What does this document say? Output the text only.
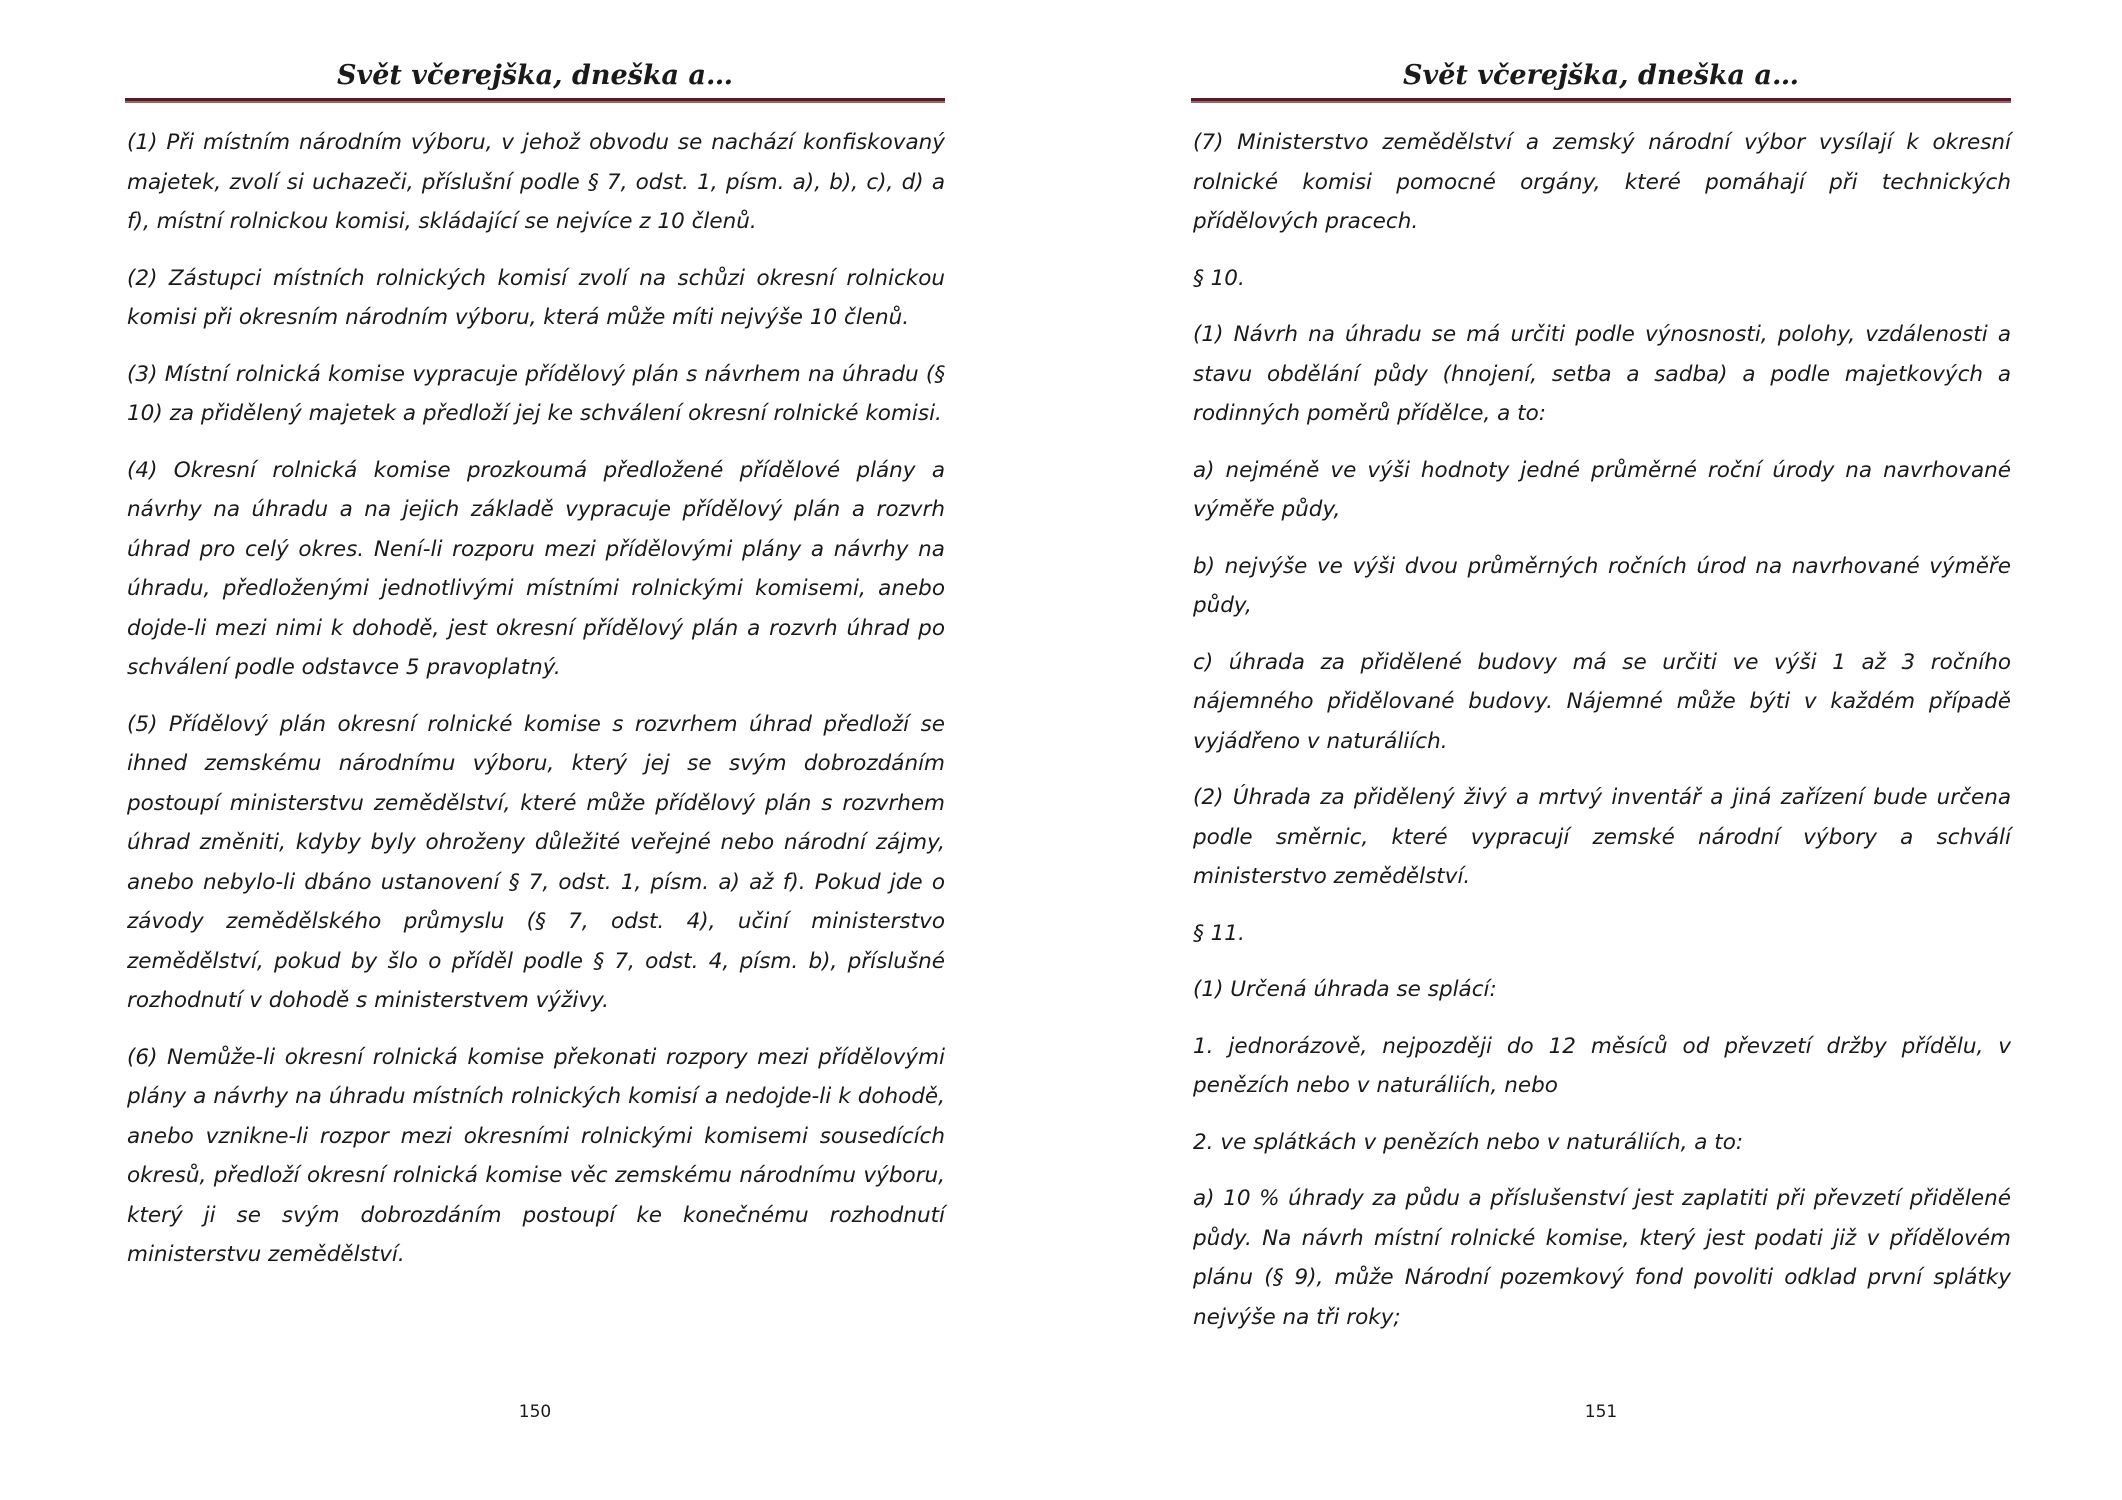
Svět včerejška, dneška a…

(1) Při místním národním výboru, v jehož obvodu se nachází konfiskovaný majetek, zvolí si uchazeči, příslušní podle § 7, odst. 1, písm. a), b), c), d) a f), místní rolnickou komisi, skládající se nejvíce z 10 členů.

(2) Zástupci místních rolnických komisí zvolí na schůzi okresní rolnickou komisi při okresním národním výboru, která může míti nejvýše 10 členů.

(3) Místní rolnická komise vypracuje přídělový plán s návrhem na úhradu (§ 10) za přidělený majetek a předloží jej ke schválení okresní rolnické komisi.

(4) Okresní rolnická komise prozkoumá předložené přídělové plány a návrhy na úhradu a na jejich základě vypracuje přídělový plán a rozvrh úhrad pro celý okres. Není-li rozporu mezi přídělovými plány a návrhy na úhradu, předloženými jednotlivými místními rolnickými komisemi, anebo dojde-li mezi nimi k dohodě, jest okresní přídělový plán a rozvrh úhrad po schválení podle odstavce 5 pravoplatný.

(5) Přídělový plán okresní rolnické komise s rozvrhem úhrad předloží se ihned zemskému národnímu výboru, který jej se svým dobrozdáním postoupí ministerstvu zemědělství, které může přídělový plán s rozvrhem úhrad změniti, kdyby byly ohroženy důležité veřejné nebo národní zájmy, anebo nebylo-li dbáno ustanovení § 7, odst. 1, písm. a) až f). Pokud jde o závody zemědělského průmyslu (§ 7, odst. 4), učiní ministerstvo zemědělství, pokud by šlo o příděl podle § 7, odst. 4, písm. b), příslušné rozhodnutí v dohodě s ministerstvem výživy.

(6) Nemůže-li okresní rolnická komise překonati rozpory mezi přídělovými plány a návrhy na úhradu místních rolnických komisí a nedojde-li k dohodě, anebo vznikne-li rozpor mezi okresními rolnickými komisemi sousedících okresů, předloží okresní rolnická komise věc zemskému národnímu výboru, který ji se svým dobrozdáním postoupí ke konečnému rozhodnutí ministerstvu zemědělství.

150
Svět včerejška, dneška a…

(7) Ministerstvo zemědělství a zemský národní výbor vysílají k okresní rolnické komisi pomocné orgány, které pomáhají při technických přídělových pracech.

§ 10.

(1) Návrh na úhradu se má určiti podle výnosnosti, polohy, vzdálenosti a stavu obdělání půdy (hnojení, setba a sadba) a podle majetkových a rodinných poměrů přídělce, a to:

a) nejméně ve výši hodnoty jedné průměrné roční úrody na navrhované výměře půdy,

b) nejvýše ve výši dvou průměrných ročních úrod na navrhované výměře půdy,

c) úhrada za přidělené budovy má se určiti ve výši 1 až 3 ročního nájemného přidělované budovy. Nájemné může býti v každém případě vyjádřeno v naturáliích.

(2) Úhrada za přidělený živý a mrtvý inventář a jiná zařízení bude určena podle směrnic, které vypracují zemské národní výbory a schválí ministerstvo zemědělství.

§ 11.

(1) Určená úhrada se splácí:

1. jednorázově, nejpozději do 12 měsíců od převzetí držby přídělu, v penězích nebo v naturáliích, nebo

2. ve splátkách v penězích nebo v naturáliích, a to:

a) 10 % úhrady za půdu a příslušenství jest zaplatiti při převzetí přidělené půdy. Na návrh místní rolnické komise, který jest podati již v přídělovém plánu (§ 9), může Národní pozemkový fond povoliti odklad první splátky nejvýše na tři roky;

151
